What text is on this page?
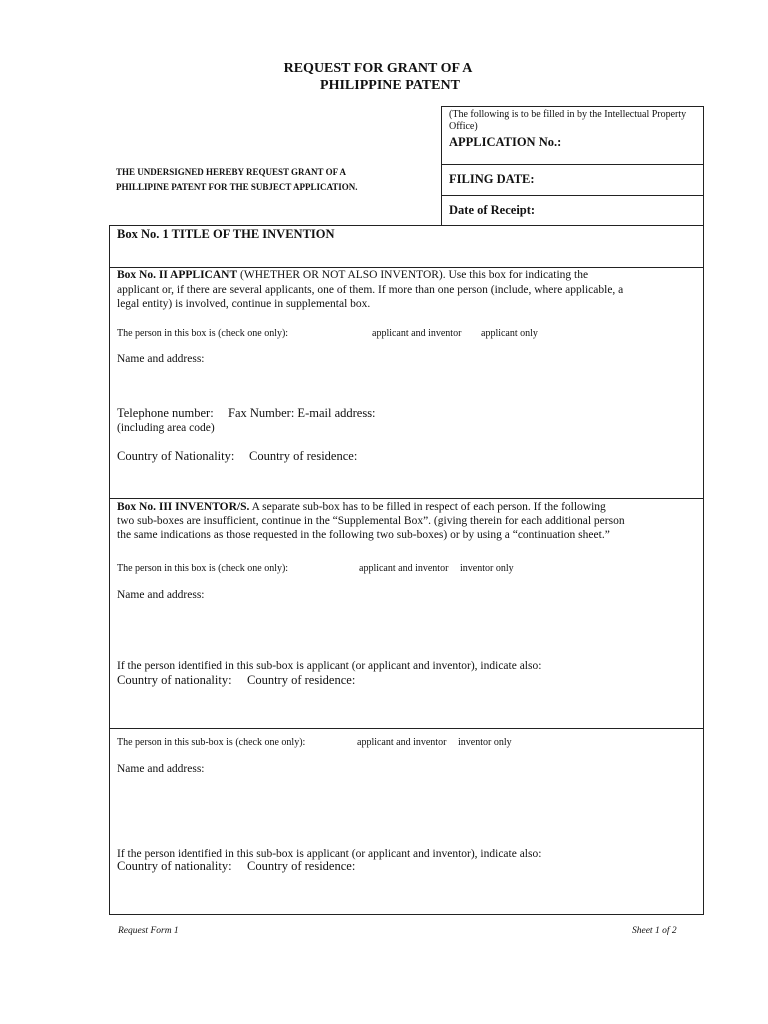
REQUEST FOR GRANT OF A
PHILIPPINE PATENT
THE UNDERSIGNED HEREBY REQUEST GRANT OF A
PHILLIPINE PATENT FOR THE SUBJECT APPLICATION.
(The following is to be filled in by the Intellectual Property Office)
APPLICATION No.:
FILING DATE:
Date of Receipt:
Box No. 1 TITLE OF THE INVENTION
Box No. II APPLICANT (WHETHER OR NOT ALSO INVENTOR). Use this box for indicating the
applicant or, if there are several applicants, one of them. If more than one person (include, where applicable, a
legal entity) is involved, continue in supplemental box.
The person in this box is (check one only):	applicant and inventor applicant only
Name and address:
Telephone number: Fax Number: E-mail address:
(including area code)
Country of Nationality: Country of residence:
Box No. III INVENTOR/S. A separate sub-box has to be filled in respect of each person. If the following
two sub-boxes are insufficient, continue in the “Supplemental Box”. (giving therein for each additional person
the same indications as those requested in the following two sub-boxes) or by using a “continuation sheet.”
The person in this box is (check one only):	applicant and inventor inventor only
Name and address:
If the person identified in this sub-box is applicant (or applicant and inventor), indicate also:
Country of nationality: Country of residence:
The person in this sub-box is (check one only):	applicant and inventor inventor only
Name and address:
If the person identified in this sub-box is applicant (or applicant and inventor), indicate also:
Country of nationality: Country of residence:
Request Form 1	Sheet 1 of 2
